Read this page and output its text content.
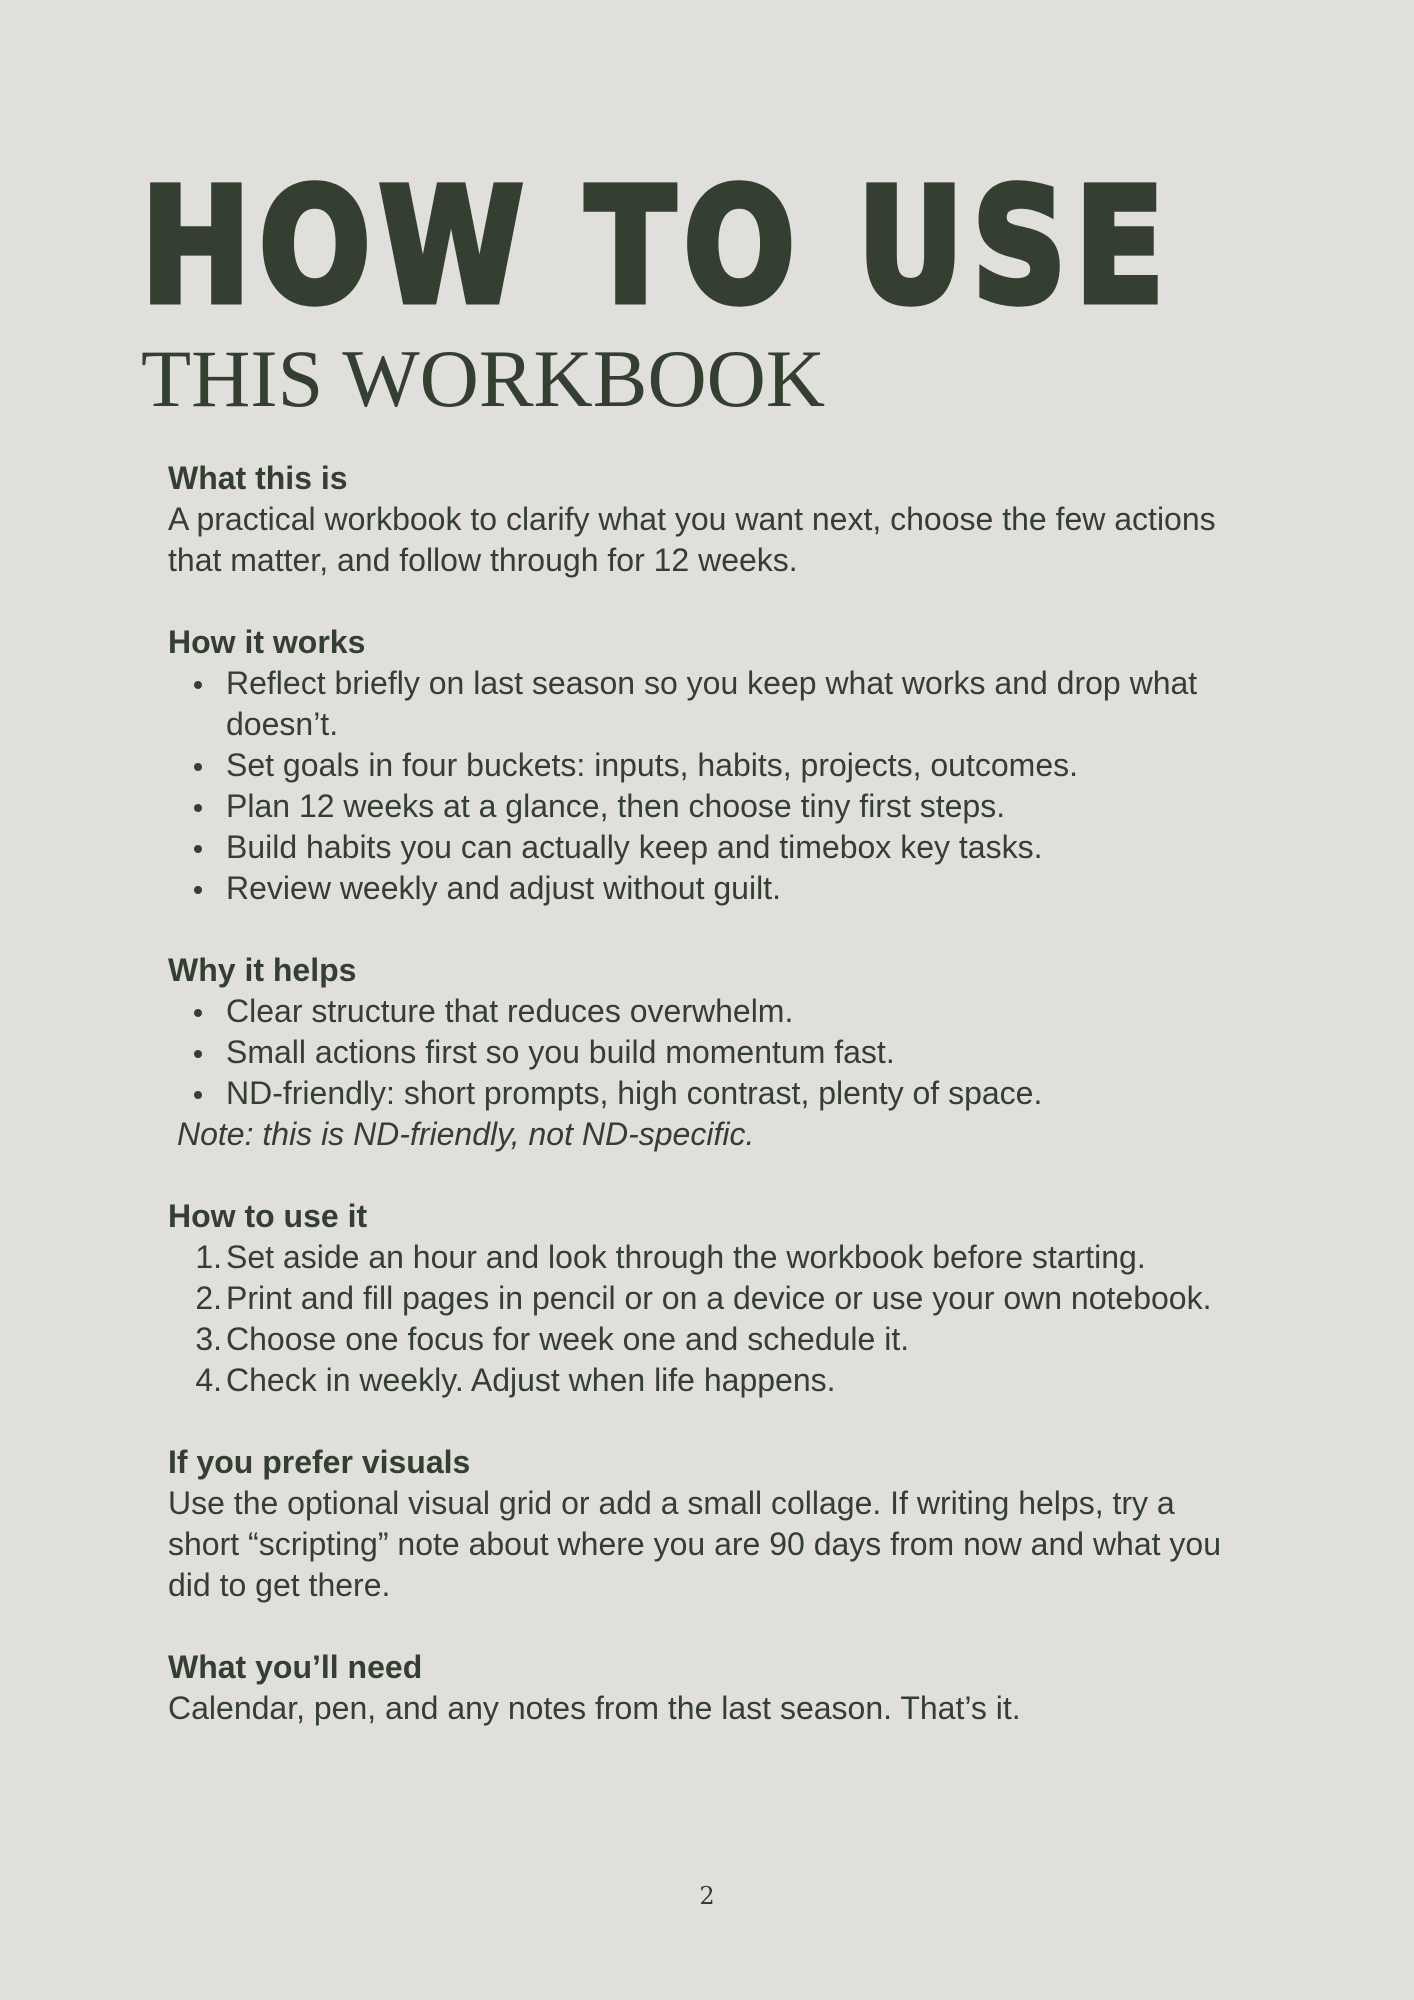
HOW TO USE
THIS WORKBOOK
What this is

A practical workbook to clarify what you want next, choose the few actions that matter, and follow through for 12 weeks.

How it works
Reflect briefly on last season so you keep what works and drop what doesn’t.
Set goals in four buckets: inputs, habits, projects, outcomes.
Plan 12 weeks at a glance, then choose tiny first steps.
Build habits you can actually keep and timebox key tasks.
Review weekly and adjust without guilt.
Why it helps
Clear structure that reduces overwhelm.
Small actions first so you build momentum fast.
ND-friendly: short prompts, high contrast, plenty of space.

Note: this is ND-friendly, not ND-specific.

How to use it
1. Set aside an hour and look through the workbook before starting.
2. Print and fill pages in pencil or on a device or use your own notebook.
3. Choose one focus for week one and schedule it.
4. Check in weekly. Adjust when life happens.
If you prefer visuals

Use the optional visual grid or add a small collage. If writing helps, try a short “scripting” note about where you are 90 days from now and what you did to get there.

What you’ll need

Calendar, pen, and any notes from the last season. That’s it.

2
